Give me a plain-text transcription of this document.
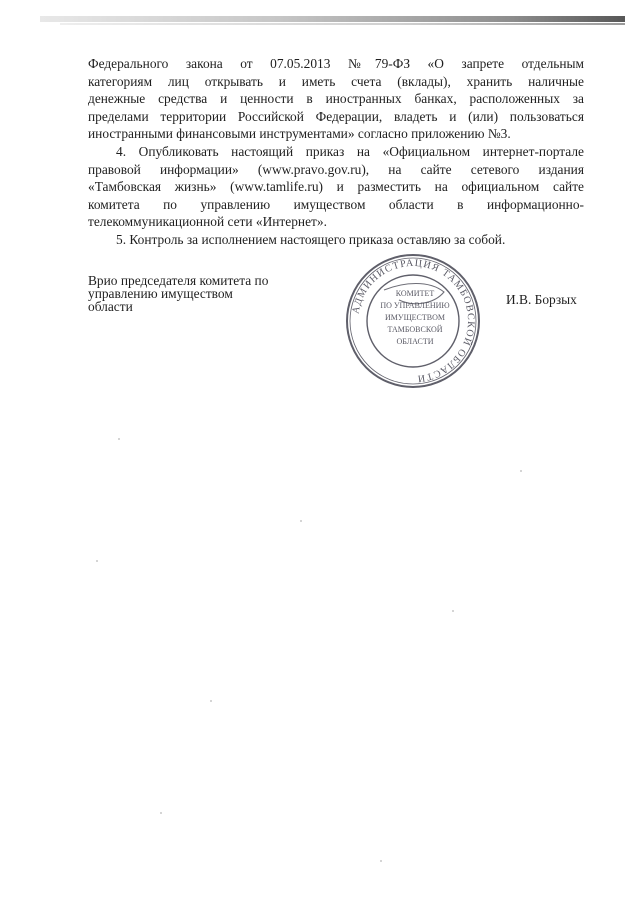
Федерального закона от 07.05.2013 №79-ФЗ «О запрете отдельным
категориям лиц открывать и иметь счета (вклады), хранить наличные
денежные средства и ценности в иностранных банках, расположенных за
пределами территории Российской Федерации, владеть и (или) пользоваться
иностранными финансовыми инструментами» согласно приложению №3.
4. Опубликовать настоящий приказ на «Официальном интернет-портале
правовой информации» (www.pravo.gov.ru), на сайте сетевого издания
«Тамбовская жизнь» (www.tamlife.ru) и разместить на официальном сайте
комитета по управлению имуществом области в информационно-
телекоммуникационной сети «Интернет».
5. Контроль за исполнением настоящего приказа оставляю за собой.
Врио председателя комитета по
управлению имуществом
области	АДМИНИСТРАЦИЯ ТАМБОВСКОЙ ОБЛАСТИ
КОМИТЕТ
ПО УПРАВЛЕНИЮ
ИМУЩЕСТВОМ
ТАМБОВСКОЙ
ОБЛАСТИ
И.В. Борзых
